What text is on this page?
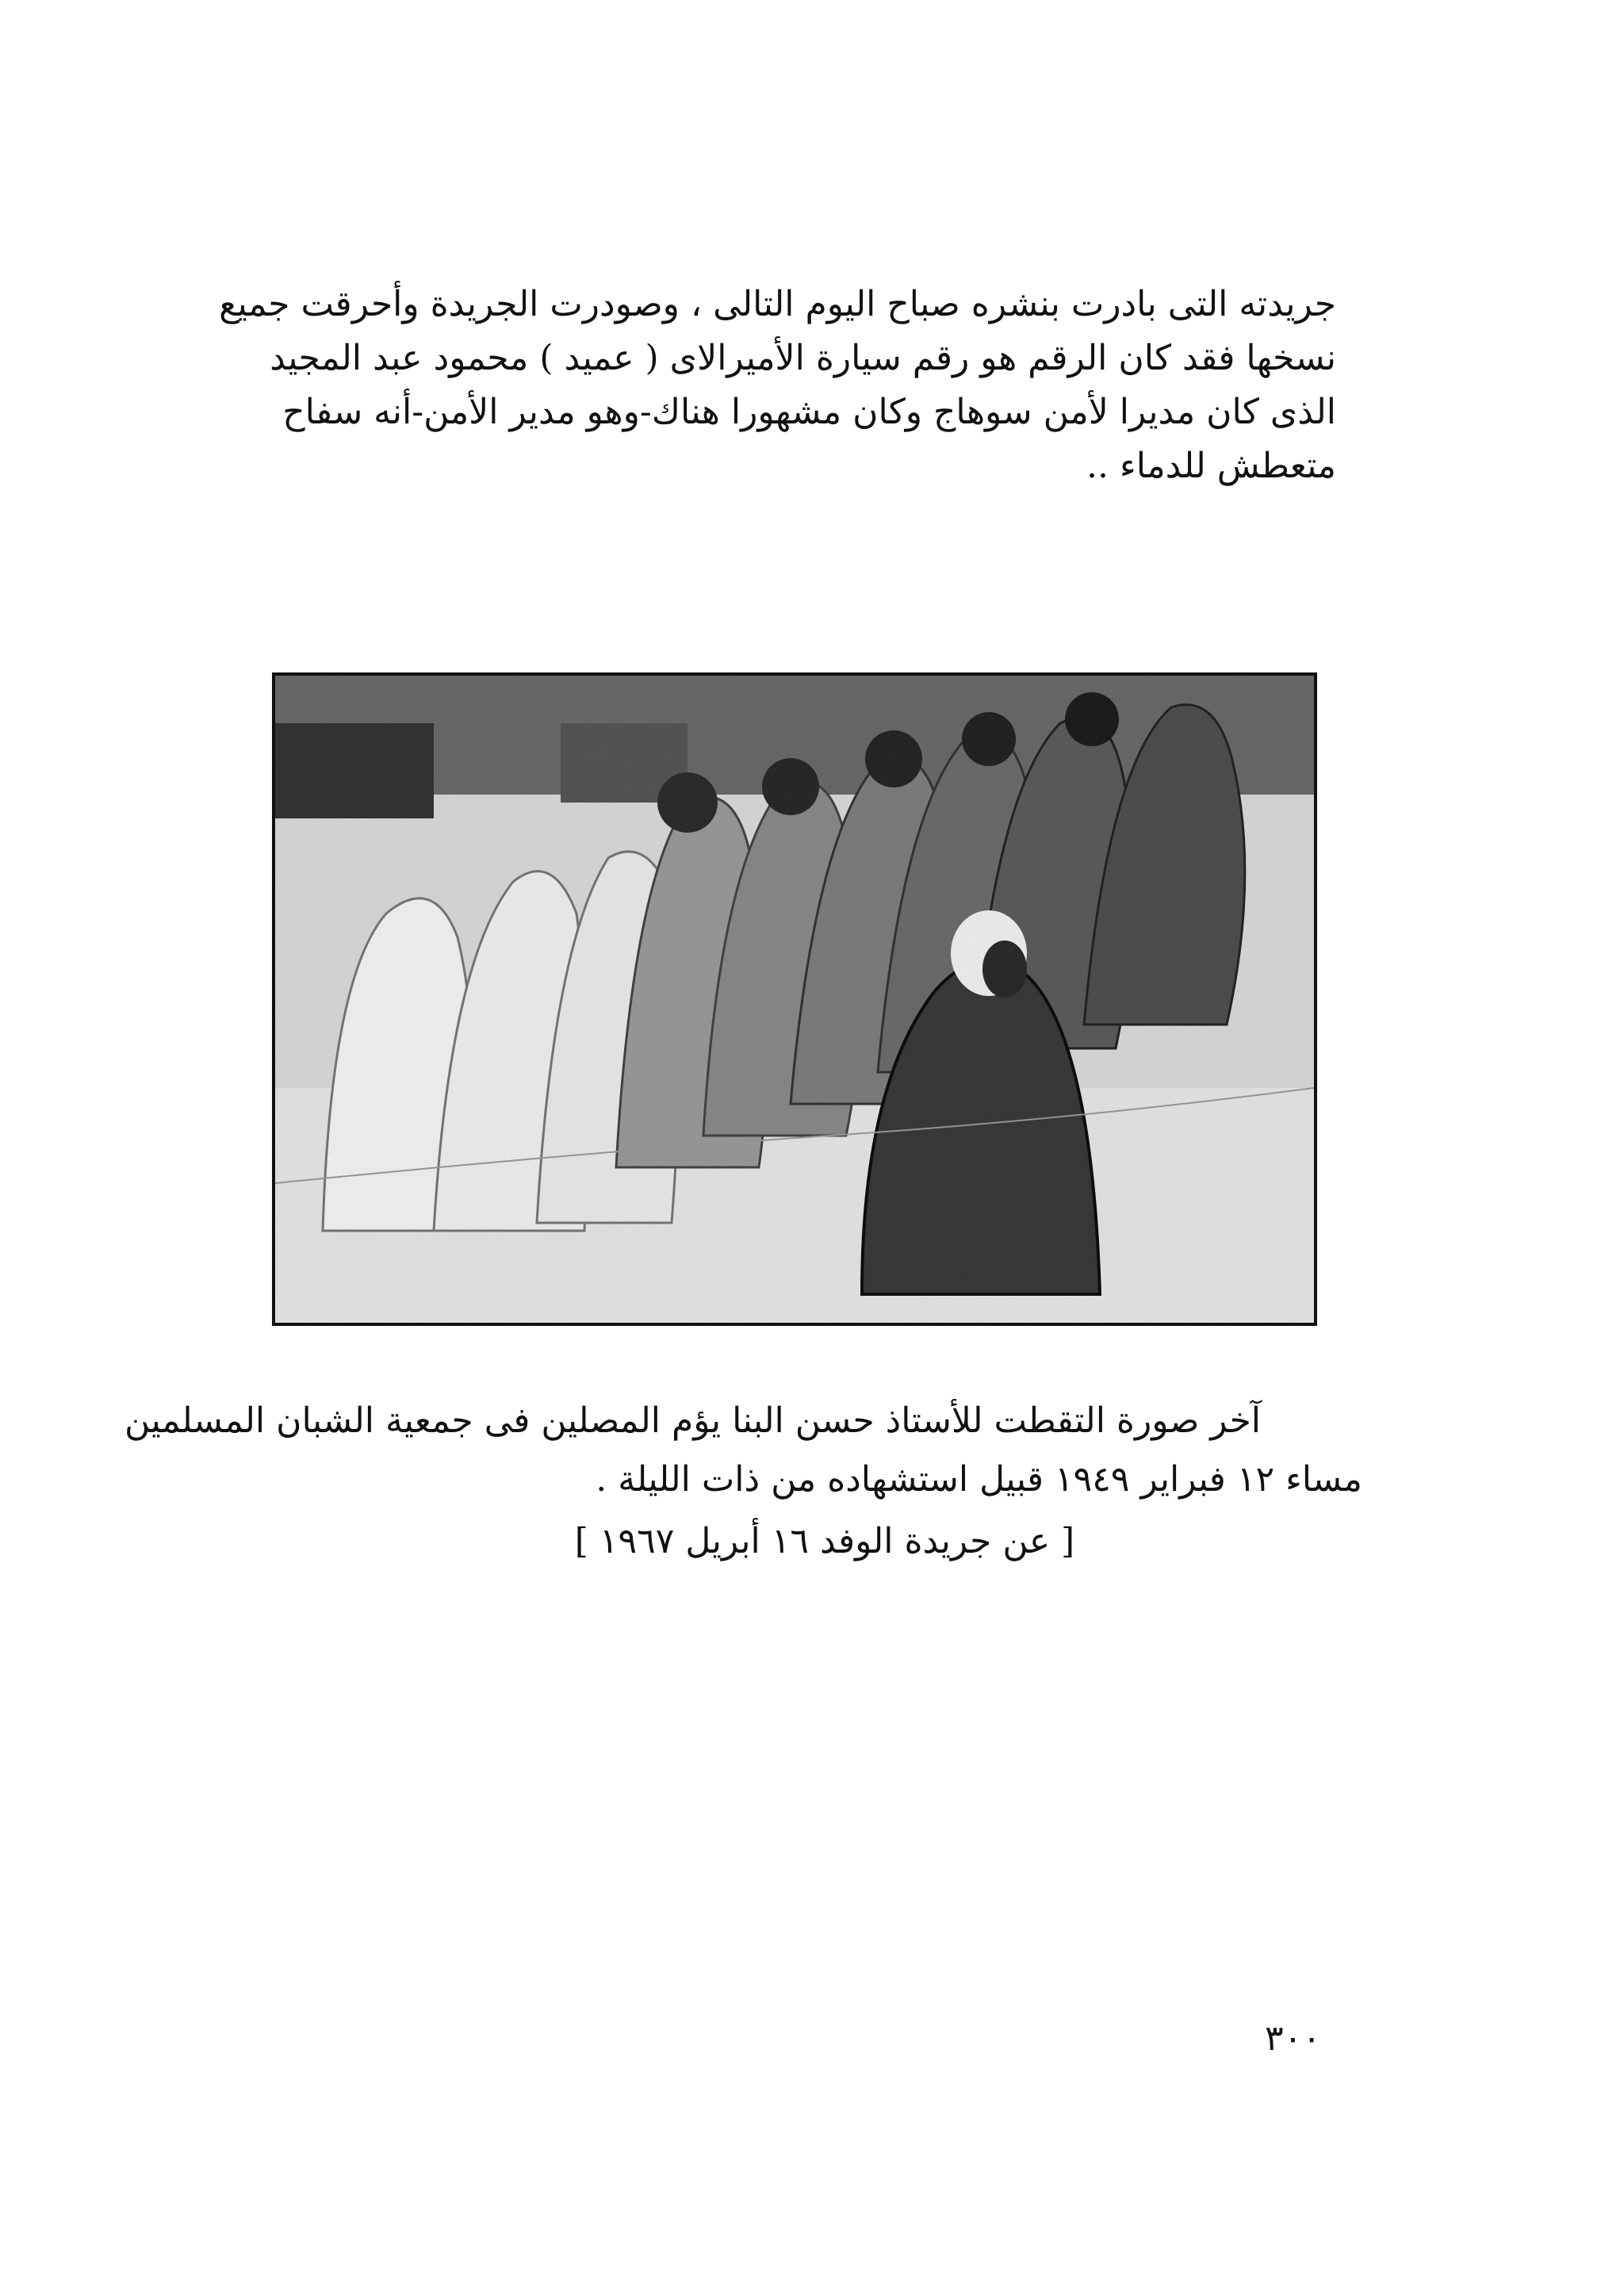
جريدته التى بادرت بنشره صباح اليوم التالى ، وصودرت الجريدة وأحرقت جميع
نسخها فقد كان الرقم هو رقم سيارة الأميرالاى ( عميد ) محمود عبد المجيد
الذى كان مديرا لأمن سوهاج وكان مشهورا هناك-وهو مدير الأمن-أنه سفاح
متعطش للدماء ..
آخر صورة التقطت للأستاذ حسن البنا يؤم المصلين فى جمعية الشبان المسلمين
مساء ١٢ فبراير ١٩٤٩ قبيل استشهاده من ذات الليلة .
[ عن جريدة الوفد ١٦ أبريل ١٩٦٧ ]
٣٠٠
